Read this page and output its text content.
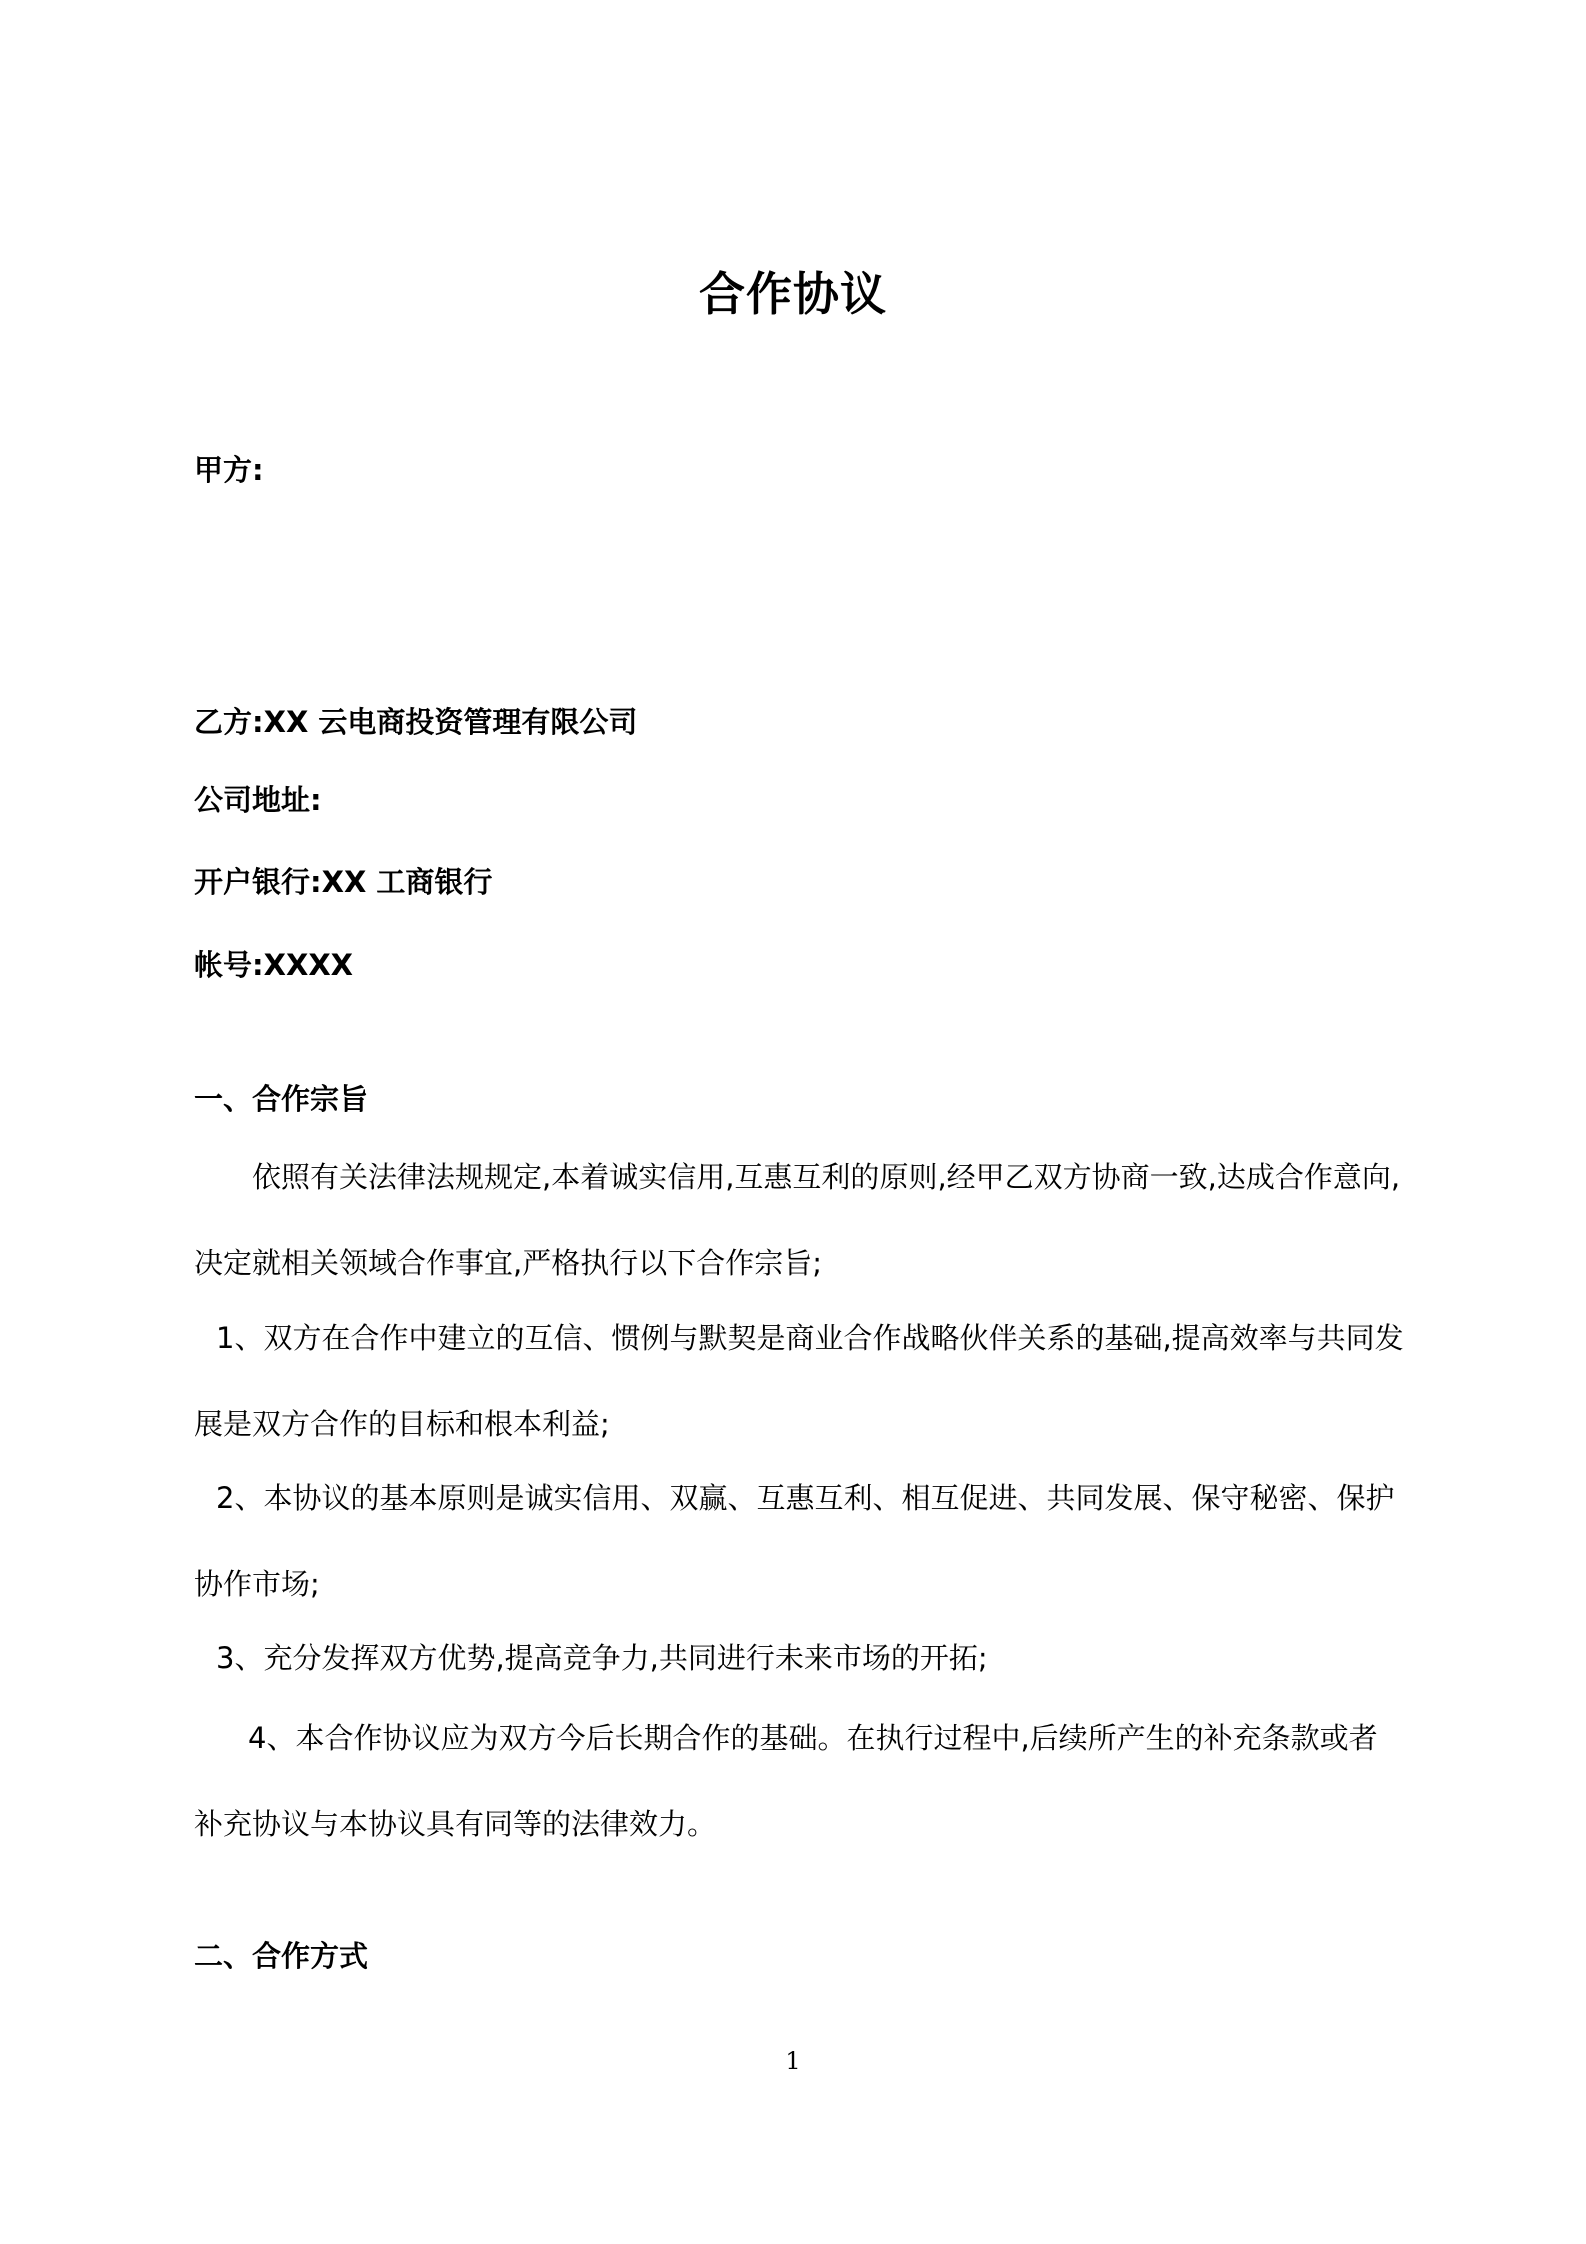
合作协议
甲方:
乙方:XX 云电商投资管理有限公司
公司地址:
开户银行:XX 工商银行
帐号:XXXX
一、合作宗旨
依照有关法律法规规定,本着诚实信用,互惠互利的原则,经甲乙双方协商一致,达成合作意向,决定就相关领域合作事宜,严格执行以下合作宗旨;
1、双方在合作中建立的互信、惯例与默契是商业合作战略伙伴关系的基础,提高效率与共同发展是双方合作的目标和根本利益;
2、本协议的基本原则是诚实信用、双赢、互惠互利、相互促进、共同发展、保守秘密、保护协作市场;
3、充分发挥双方优势,提高竞争力,共同进行未来市场的开拓;
4、本合作协议应为双方今后长期合作的基础。在执行过程中,后续所产生的补充条款或者补充协议与本协议具有同等的法律效力。
二、合作方式
1
